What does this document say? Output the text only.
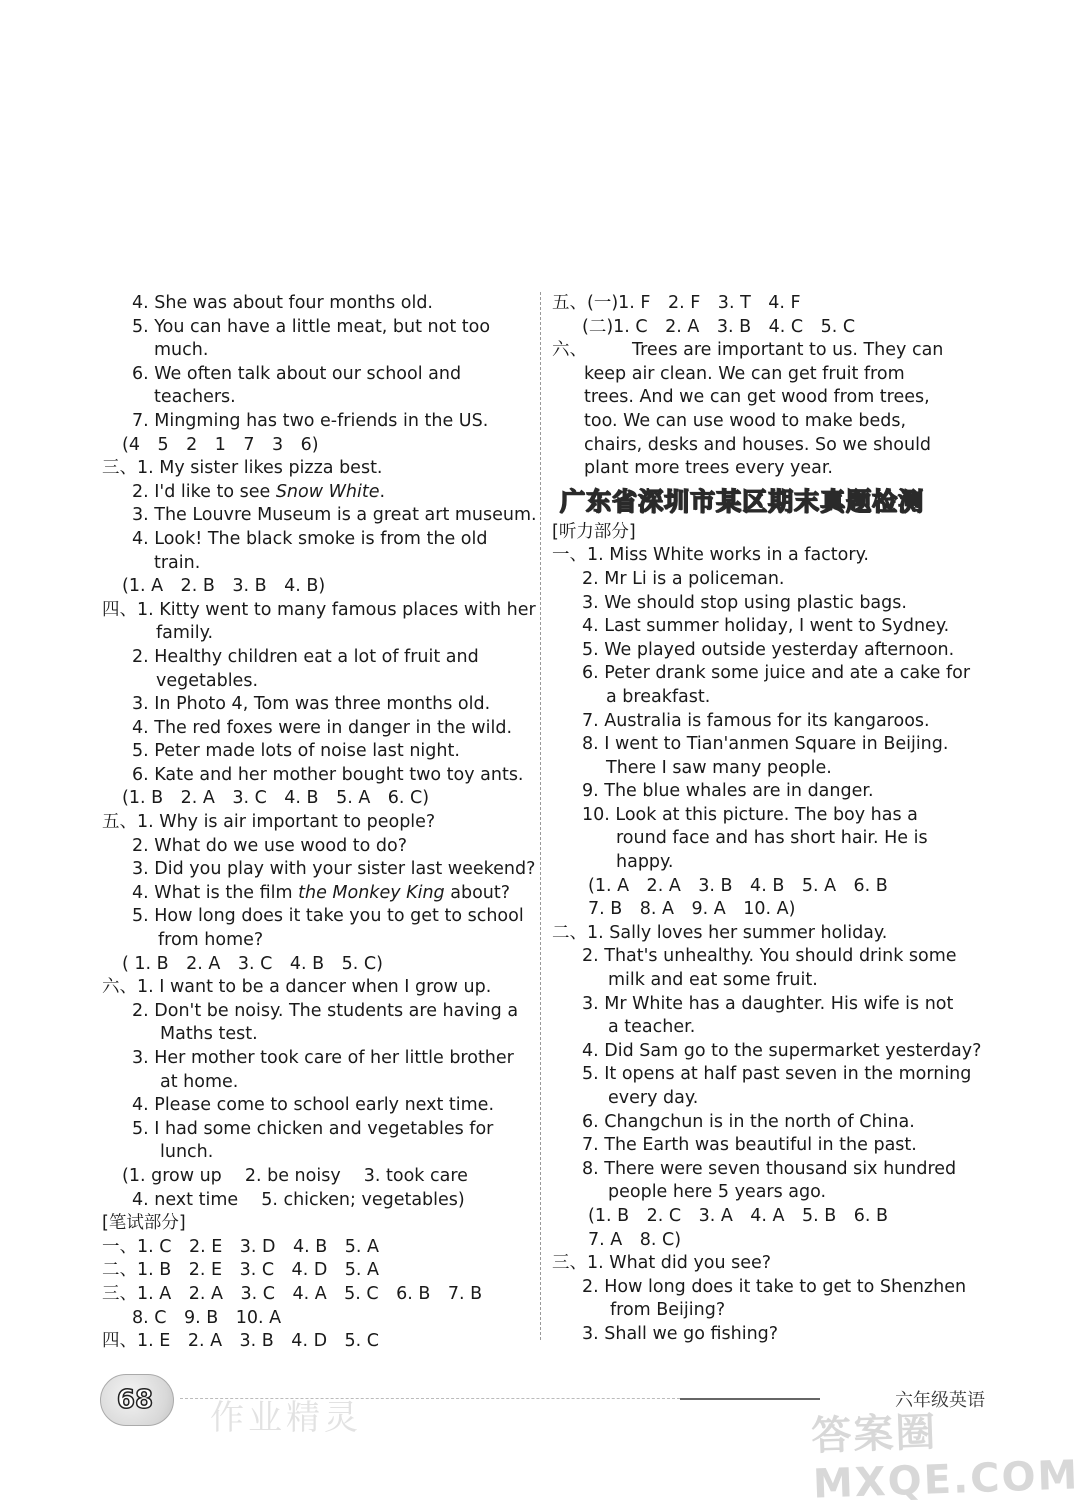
4. She was about four months old.
5. You can have a little meat, but not too
much.
6. We often talk about our school and
teachers.
7. Mingming has two e-friends in the US.
(4　5　2　1　7　3　6)
三、1. My sister likes pizza best.
2. I'd like to see Snow White.
3. The Louvre Museum is a great art museum.
4. Look! The black smoke is from the old
train.
(1. A　2. B　3. B　4. B)
四、1. Kitty went to many famous places with her
family.
2. Healthy children eat a lot of fruit and
vegetables.
3. In Photo 4, Tom was three months old.
4. The red foxes were in danger in the wild.
5. Peter made lots of noise last night.
6. Kate and her mother bought two toy ants.
(1. B　2. A　3. C　4. B　5. A　6. C)
五、1. Why is air important to people?
2. What do we use wood to do?
3. Did you play with your sister last weekend?
4. What is the film the Monkey King about?
5. How long does it take you to get to school
from home?
( 1. B　2. A　3. C　4. B　5. C)
六、1. I want to be a dancer when I grow up.
2. Don't be noisy. The students are having a
Maths test.
3. Her mother took care of her little brother
at home.
4. Please come to school early next time.
5. I had some chicken and vegetables for
lunch.
(1. grow up　 2. be noisy　 3. took care
4. next time　 5. chicken; vegetables)
[笔试部分]
一、1. C　2. E　3. D　4. B　5. A
二、1. B　2. E　3. C　4. D　5. A
三、1. A　2. A　3. C　4. A　5. C　6. B　7. B
8. C　9. B　10. A
四、1. E　2. A　3. B　4. D　5. C
五、(一)1. F　2. F　3. T　4. F
(二)1. C　2. A　3. B　4. C　5. C
六、	Trees are important to us. They can
keep air clean. We can get fruit from
trees. And we can get wood from trees,
too. We can use wood to make beds,
chairs, desks and houses. So we should
plant more trees every year.
广东省深圳市某区期末真题检测
[听力部分]
一、1. Miss White works in a factory.
2. Mr Li is a policeman.
3. We should stop using plastic bags.
4. Last summer holiday, I went to Sydney.
5. We played outside yesterday afternoon.
6. Peter drank some juice and ate a cake for
a breakfast.
7. Australia is famous for its kangaroos.
8. I went to Tian'anmen Square in Beijing.
There I saw many people.
9. The blue whales are in danger.
10. Look at this picture. The boy has a
round face and has short hair. He is
happy.
(1. A　2. A　3. B　4. B　5. A　6. B
7. B　8. A　9. A　10. A)
二、1. Sally loves her summer holiday.
2. That's unhealthy. You should drink some
milk and eat some fruit.
3. Mr White has a daughter. His wife is not
a teacher.
4. Did Sam go to the supermarket yesterday?
5. It opens at half past seven in the morning
every day.
6. Changchun is in the north of China.
7. The Earth was beautiful in the past.
8. There were seven thousand six hundred
people here 5 years ago.
(1. B　2. C　3. A　4. A　5. B　6. B
7. A　8. C)
三、1. What did you see?
2. How long does it take to get to Shenzhen
from Beijing?
3. Shall we go fishing?
68	作业精灵	六年级英语
答案圈 MXQE.COM
